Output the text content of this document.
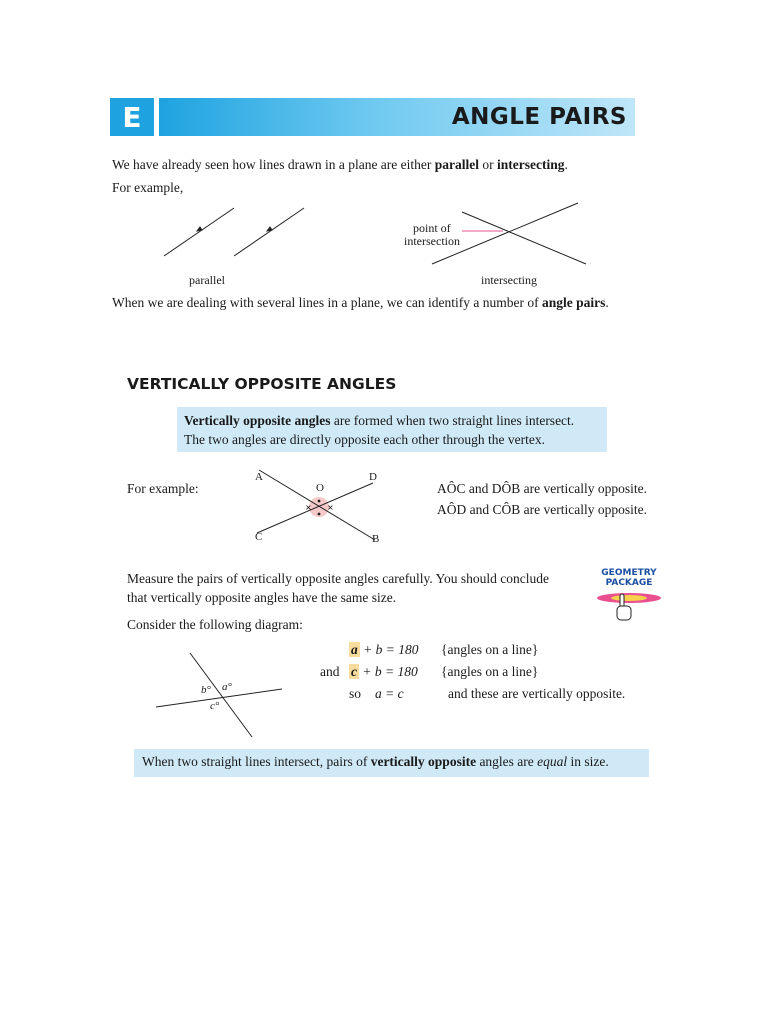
E	ANGLE PAIRS
We have already seen how lines drawn in a plane are either parallel or intersecting.
For example,
point of
intersection
parallel	intersecting
When we are dealing with several lines in a plane, we can identify a number of angle pairs.
VERTICALLY OPPOSITE ANGLES
Vertically opposite angles are formed when two straight lines intersect.
The two angles are directly opposite each other through the vertex.
For example:
× ×
A	D
O
C	B
AÔC and DÔB are vertically opposite.
AÔD and CÔB are vertically opposite.
Measure the pairs of vertically opposite angles carefully. You should conclude
that vertically opposite angles have the same size.
GEOMETRY
PACKAGE
Consider the following diagram:
b° a°
c°
a + b = 180 {angles on a line}
and c + b = 180 {angles on a line}
so a = c	and these are vertically opposite.
When two straight lines intersect, pairs of vertically opposite angles are equal in size.
